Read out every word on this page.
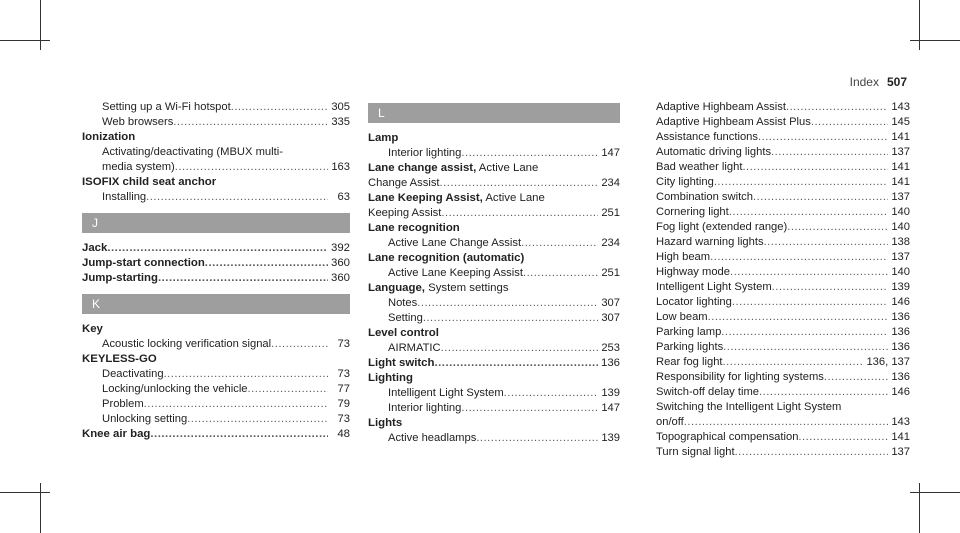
Index 507
Setting up a Wi-Fi hotspot .....	305
Web browsers .....	335
Ionization
Activating/deactivating (MBUX multi-
media system) .....	163
ISOFIX child seat anchor
Installing .....	63
J
Jack .....	392
Jump-start connection .....	360
Jump-starting .....	360
K
Key
Acoustic locking verification signal .....	73
KEYLESS-GO
Deactivating .....	73
Locking/unlocking the vehicle .....	77
Problem .....	79
Unlocking setting .....	73
Knee air bag .....	48
L
Lamp
Interior lighting .....	147
Lane change assist, Active Lane
Change Assist .....	234
Lane Keeping Assist, Active Lane
Keeping Assist .....	251
Lane recognition
Active Lane Change Assist .....	234
Lane recognition (automatic)
Active Lane Keeping Assist .....	251
Language, System settings
Notes .....	307
Setting .....	307
Level control
AIRMATIC .....	253
Light switch .....	136
Lighting
Intelligent Light System .....	139
Interior lighting .....	147
Lights
Active headlamps .....	139
Adaptive Highbeam Assist .....	143
Adaptive Highbeam Assist Plus .....	145
Assistance functions .....	141
Automatic driving lights .....	137
Bad weather light .....	141
City lighting .....	141
Combination switch .....	137
Cornering light .....	140
Fog light (extended range) .....	140
Hazard warning lights .....	138
High beam .....	137
Highway mode .....	140
Intelligent Light System .....	139
Locator lighting .....	146
Low beam .....	136
Parking lamp .....	136
Parking lights .....	136
Rear fog light .....	136, 137
Responsibility for lighting systems .....	136
Switch-off delay time .....	146
Switching the Intelligent Light System
on/off .....	143
Topographical compensation .....	141
Turn signal light .....	137
